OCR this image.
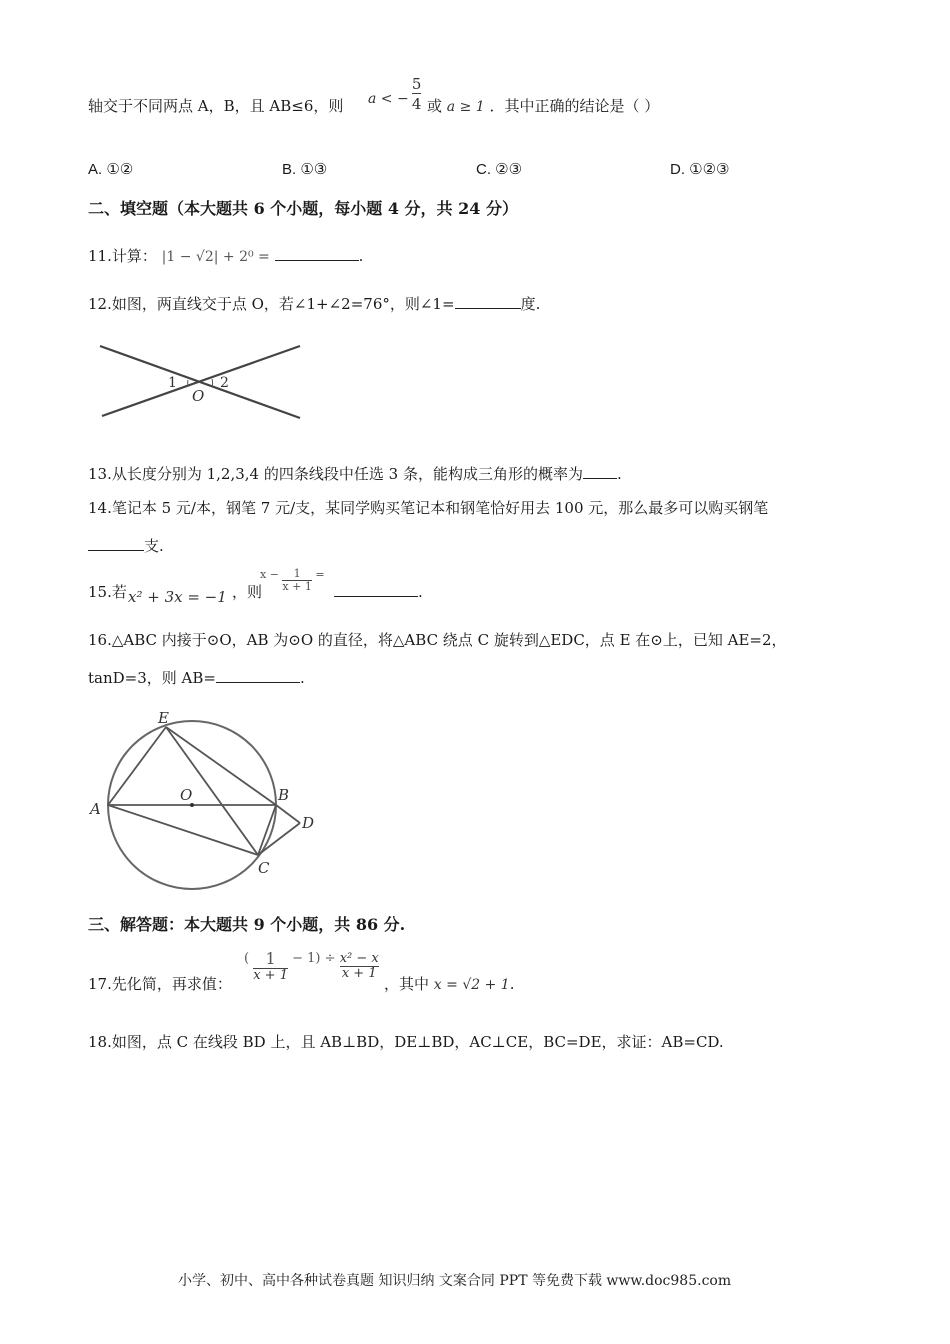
轴交于不同两点 A，B，且 AB≤6，则 a < − $\frac{5}{4}$ 或 a ≥ 1 ．其中正确的结论是（ ）
A. ①②	B. ①③	C. ②③	D. ①②③
二、填空题（本大题共 6 个小题，每小题 4 分，共 24 分）
11.计算： |1 − √2| + 2⁰ =	.
12.如图，两直线交于点 O，若∠1+∠2=76°，则∠1=	度.
1	2
O
13.从长度分别为 1,2,3,4 的四条线段中任选 3 条，能构成三角形的概率为 .
14.笔记本 5 元/本，钢笔 7 元/支，某同学购买笔记本和钢笔恰好用去 100 元，那么最多可以购买钢笔
支.
15.若 x² + 3x = −1 ，则
$x - \frac{1}{x + 1}$ =
.
16.△ABC 内接于⊙O，AB 为⊙O 的直径，将△ABC 绕点 C 旋转到△EDC，点 E 在⊙上，已知 AE=2，
tanD=3，则 AB=	.
E
A
O	B
D
C
三、解答题：本大题共 9 个小题，共 86 分.
17.先化简，再求值：
( $\frac{1}{x + 1} - 1) \div \frac{\text{x² − x}}{x + 1}$
，其中 x = √2 + 1.
18.如图，点 C 在线段 BD 上，且 AB⊥BD，DE⊥BD，AC⊥CE，BC=DE，求证：AB=CD.
小学、初中、高中各种试卷真题 知识归纳 文案合同 PPT 等免费下载 www.doc985.com
